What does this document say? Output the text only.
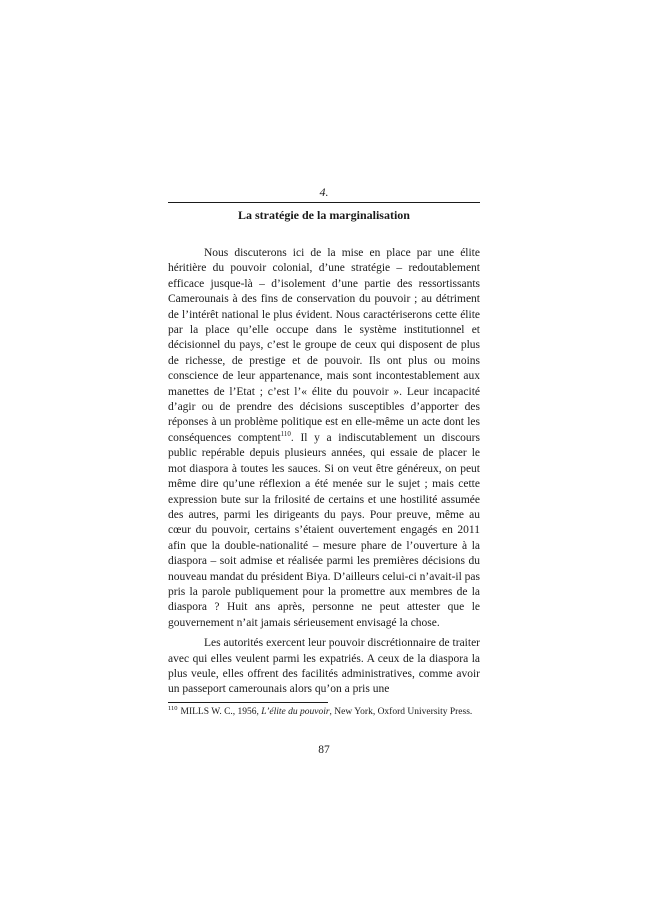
4.
La stratégie de la marginalisation

Nous discuterons ici de la mise en place par une élite héritière du pouvoir colonial, d’une stratégie – redoutablement efficace jusque-là – d’isolement d’une partie des ressortissants Camerounais à des fins de conservation du pouvoir ; au détriment de l’intérêt national le plus évident. Nous caractériserons cette élite par la place qu’elle occupe dans le système institutionnel et décisionnel du pays, c’est le groupe de ceux qui disposent de plus de richesse, de prestige et de pouvoir. Ils ont plus ou moins conscience de leur appartenance, mais sont incontestablement aux manettes de l’Etat ; c’est l’« élite du pouvoir ». Leur incapacité d’agir ou de prendre des décisions susceptibles d’apporter des réponses à un problème politique est en elle-même un acte dont les conséquences comptent$^{110}$. Il y a indiscutablement un discours public repérable depuis plusieurs années, qui essaie de placer le mot diaspora à toutes les sauces. Si on veut être généreux, on peut même dire qu’une réflexion a été menée sur le sujet ; mais cette expression bute sur la frilosité de certains et une hostilité assumée des autres, parmi les dirigeants du pays. Pour preuve, même au cœur du pouvoir, certains s’étaient ouvertement engagés en 2011 afin que la double-nationalité – mesure phare de l’ouverture à la diaspora – soit admise et réalisée parmi les premières décisions du nouveau mandat du président Biya. D’ailleurs celui-ci n’avait-il pas pris la parole publiquement pour la promettre aux membres de la diaspora ? Huit ans après, personne ne peut attester que le gouvernement n’ait jamais sérieusement envisagé la chose.

Les autorités exercent leur pouvoir discrétionnaire de traiter avec qui elles veulent parmi les expatriés. A ceux de la diaspora la plus veule, elles offrent des facilités administratives, comme avoir un passeport camerounais alors qu’on a pris une

$^{110}$ MILLS W. C., 1956, L’élite du pouvoir, New York, Oxford University Press.
87
